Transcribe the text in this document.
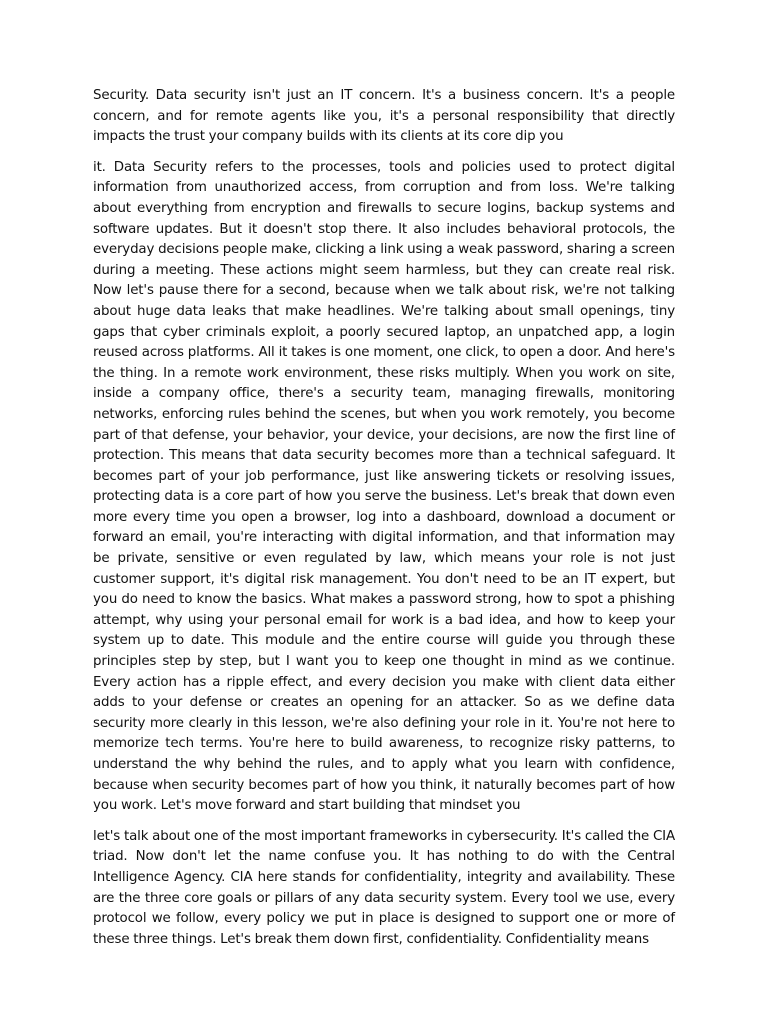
Security. Data security isn't just an IT concern. It's a business concern. It's a people concern, and for remote agents like you, it's a personal responsibility that directly impacts the trust your company builds with its clients at its core dip you

it. Data Security refers to the processes, tools and policies used to protect digital information from unauthorized access, from corruption and from loss. We're talking about everything from encryption and firewalls to secure logins, backup systems and software updates. But it doesn't stop there. It also includes behavioral protocols, the everyday decisions people make, clicking a link using a weak password, sharing a screen during a meeting. These actions might seem harmless, but they can create real risk. Now let's pause there for a second, because when we talk about risk, we're not talking about huge data leaks that make headlines. We're talking about small openings, tiny gaps that cyber criminals exploit, a poorly secured laptop, an unpatched app, a login reused across platforms. All it takes is one moment, one click, to open a door. And here's the thing. In a remote work environment, these risks multiply. When you work on site, inside a company office, there's a security team, managing firewalls, monitoring networks, enforcing rules behind the scenes, but when you work remotely, you become part of that defense, your behavior, your device, your decisions, are now the first line of protection. This means that data security becomes more than a technical safeguard. It becomes part of your job performance, just like answering tickets or resolving issues, protecting data is a core part of how you serve the business. Let's break that down even more every time you open a browser, log into a dashboard, download a document or forward an email, you're interacting with digital information, and that information may be private, sensitive or even regulated by law, which means your role is not just customer support, it's digital risk management. You don't need to be an IT expert, but you do need to know the basics. What makes a password strong, how to spot a phishing attempt, why using your personal email for work is a bad idea, and how to keep your system up to date. This module and the entire course will guide you through these principles step by step, but I want you to keep one thought in mind as we continue. Every action has a ripple effect, and every decision you make with client data either adds to your defense or creates an opening for an attacker. So as we define data security more clearly in this lesson, we're also defining your role in it. You're not here to memorize tech terms. You're here to build awareness, to recognize risky patterns, to understand the why behind the rules, and to apply what you learn with confidence, because when security becomes part of how you think, it naturally becomes part of how you work. Let's move forward and start building that mindset you

let's talk about one of the most important frameworks in cybersecurity. It's called the CIA triad. Now don't let the name confuse you. It has nothing to do with the Central Intelligence Agency. CIA here stands for confidentiality, integrity and availability. These are the three core goals or pillars of any data security system. Every tool we use, every protocol we follow, every policy we put in place is designed to support one or more of these three things. Let's break them down first, confidentiality. Confidentiality means
